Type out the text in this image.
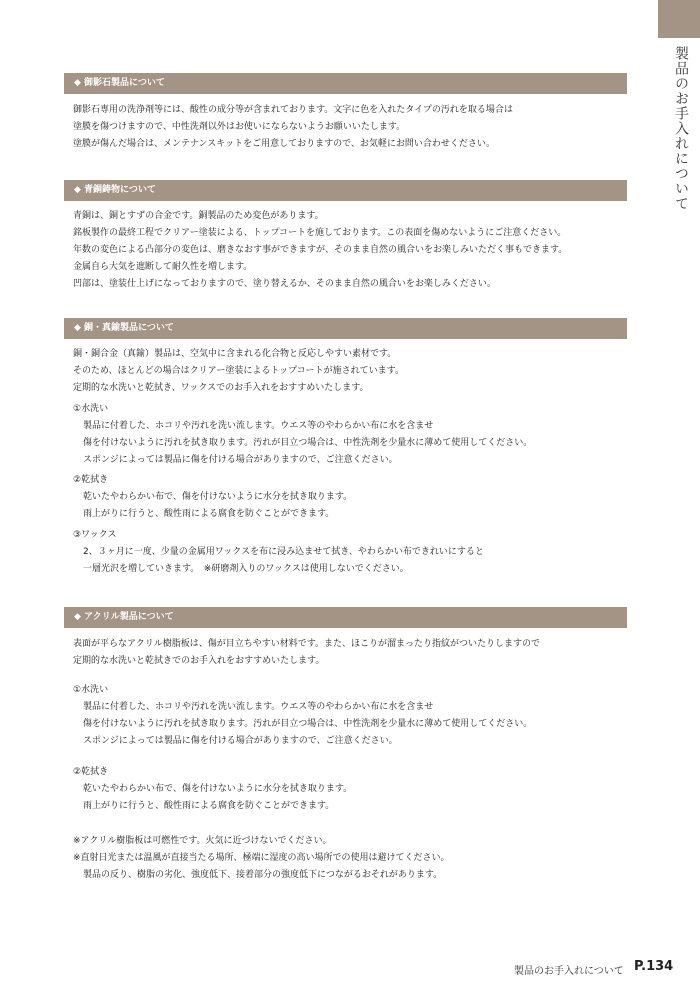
製品のお手入れについて
◆ 御影石製品について

御影石専用の洗浄剤等には、酸性の成分等が含まれております。文字に色を入れたタイプの汚れを取る場合は

塗膜を傷つけますので、中性洗剤以外はお使いにならないようお願いいたします。

塗膜が傷んだ場合は、メンテナンスキットをご用意しておりますので、お気軽にお問い合わせください。

◆ 青銅鋳物について

青銅は、銅とすずの合金です。銅製品のため変色があります。

銘板製作の最終工程でクリアー塗装による、トップコートを施しております。この表面を傷めないようにご注意ください。

年数の変色による凸部分の変色は、磨きなおす事ができますが、そのまま自然の風合いをお楽しみいただく事もできます。

金属自ら大気を遮断して耐久性を増します。

凹部は、塗装仕上げになっておりますので、塗り替えるか、そのまま自然の風合いをお楽しみください。

◆ 銅・真鍮製品について

銅・銅合金（真鍮）製品は、空気中に含まれる化合物と反応しやすい素材です。

そのため、ほとんどの場合はクリアー塗装によるトップコートが施されています。

定期的な水洗いと乾拭き、ワックスでのお手入れをおすすめいたします。

①水洗い

製品に付着した、ホコリや汚れを洗い流します。ウエス等のやわらかい布に水を含ませ

傷を付けないように汚れを拭き取ります。汚れが目立つ場合は、中性洗剤を少量水に薄めて使用してください。

スポンジによっては製品に傷を付ける場合がありますので、ご注意ください。

②乾拭き

乾いたやわらかい布で、傷を付けないように水分を拭き取ります。

雨上がりに行うと、酸性雨による腐食を防ぐことができます。

③ワックス

2、３ヶ月に一度、少量の金属用ワックスを布に浸み込ませて拭き、やわらかい布できれいにすると

一層光沢を増していきます。　※研磨剤入りのワックスは使用しないでください。

◆ アクリル製品について

表面が平らなアクリル樹脂板は、傷が目立ちやすい材料です。また、ほこりが溜まったり指紋がついたりしますので

定期的な水洗いと乾拭きでのお手入れをおすすめいたします。

①水洗い

製品に付着した、ホコリや汚れを洗い流します。ウエス等のやわらかい布に水を含ませ

傷を付けないように汚れを拭き取ります。汚れが目立つ場合は、中性洗剤を少量水に薄めて使用してください。

スポンジによっては製品に傷を付ける場合がありますので、ご注意ください。

②乾拭き

乾いたやわらかい布で、傷を付けないように水分を拭き取ります。

雨上がりに行うと、酸性雨による腐食を防ぐことができます。

※アクリル樹脂板は可燃性です。火気に近づけないでください。

※直射日光または温風が直接当たる場所、極端に湿度の高い場所での使用は避けてください。

製品の反り、樹脂の劣化、強度低下、接着部分の強度低下につながるおそれがあります。

製品のお手入れについて P.134
